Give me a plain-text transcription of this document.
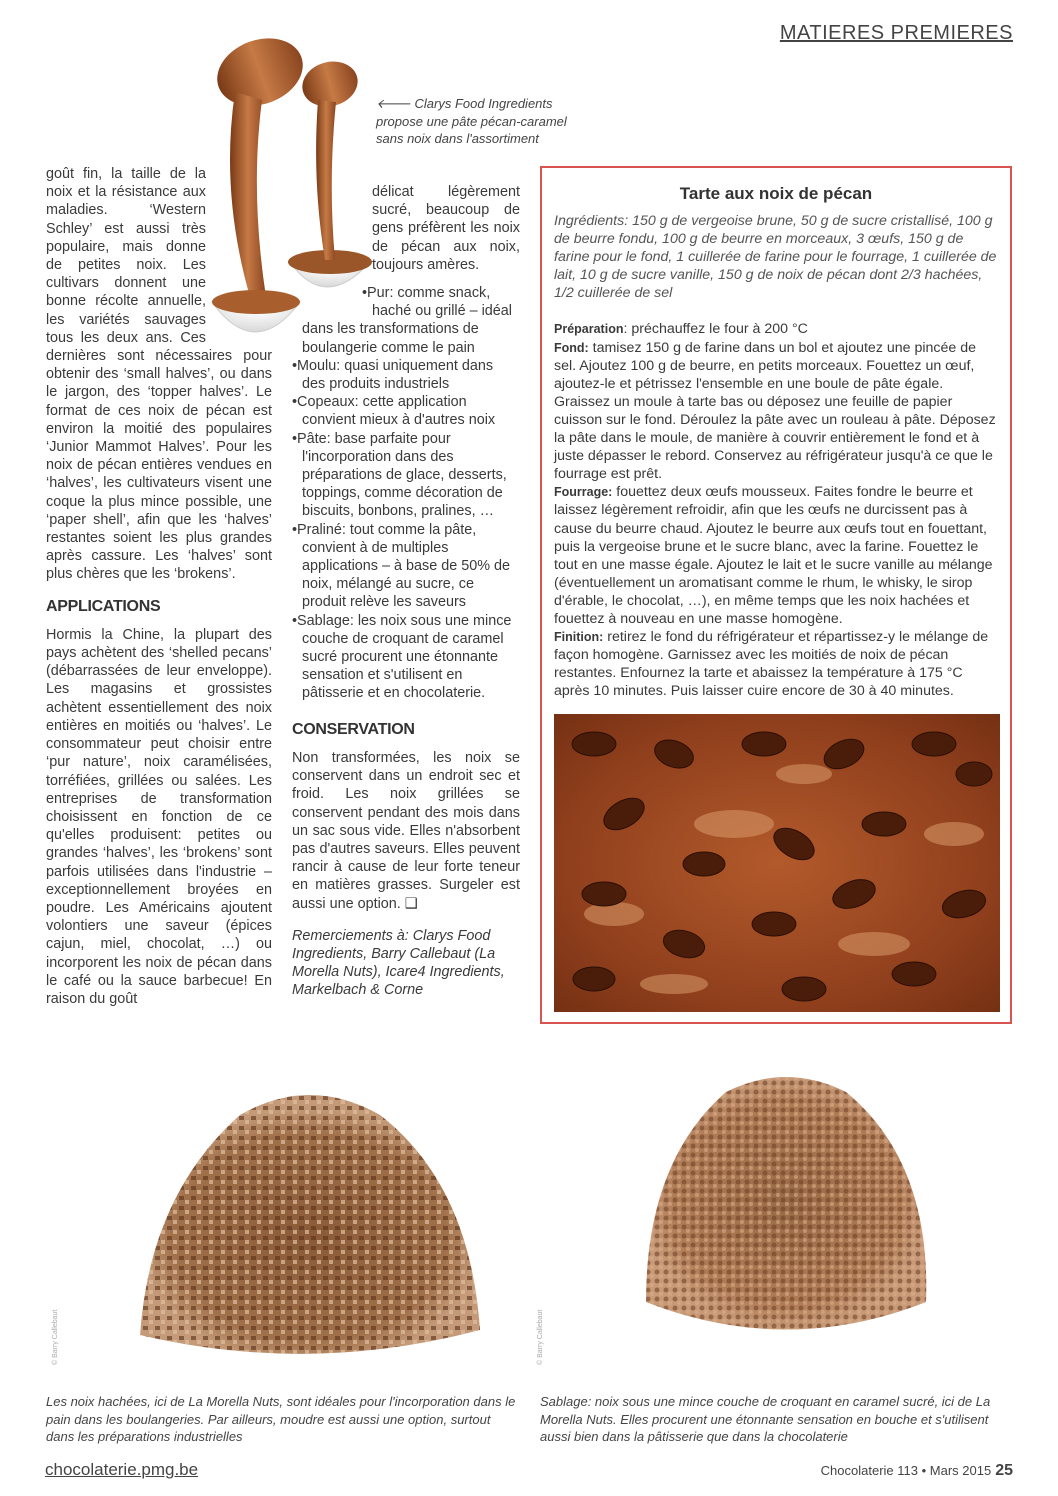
MATIERES PREMIERES
🡐 Clarys Food Ingredients
propose une pâte pécan-caramel
sans noix dans l'assortiment

goût fin, la taille de la noix et la résistance aux maladies. ‘Western Schley’ est aussi très populaire, mais donne de petites noix. Les cultivars donnent une bonne récolte annuelle, les variétés sauvages tous les deux ans. Ces dernières sont nécessaires pour obtenir des ‘small halves’, ou dans le jargon, des ‘topper halves’. Le format de ces noix de pécan est environ la moitié des populaires ‘Junior Mammot Halves’. Pour les noix de pécan entières vendues en ‘halves’, les cultivateurs visent une coque la plus mince possible, une ‘paper shell’, afin que les ‘halves’ restantes soient les plus grandes après cassure. Les ‘halves’ sont plus chères que les ‘brokens’.

APPLICATIONS

Hormis la Chine, la plupart des pays achètent des ‘shelled pecans’ (débarrassées de leur enveloppe). Les magasins et grossistes achètent essentiellement des noix entières en moitiés ou ‘halves’. Le consommateur peut choisir entre ‘pur nature’, noix caramélisées, torréfiées, grillées ou salées. Les entreprises de transformation choisissent en fonction de ce qu'elles produisent: petites ou grandes ‘halves’, les ‘brokens’ sont parfois utilisées dans l'industrie – exceptionnellement broyées en poudre. Les Américains ajoutent volontiers une saveur (épices cajun, miel, chocolat, …) ou incorporent les noix de pécan dans le café ou la sauce barbecue! En raison du goût

délicat légèrement sucré, beaucoup de gens préfèrent les noix de pécan aux noix, toujours amères.

• Pur: comme snack, haché ou grillé – idéal dans les transformations de boulangerie comme le pain
• Moulu: quasi uniquement dans des produits industriels
• Copeaux: cette application convient mieux à d'autres noix
• Pâte: base parfaite pour l'incorporation dans des préparations de glace, desserts, toppings, comme décoration de biscuits, bonbons, pralines, …
• Praliné: tout comme la pâte, convient à de multiples applications – à base de 50% de noix, mélangé au sucre, ce produit relève les saveurs
• Sablage: les noix sous une mince couche de croquant de caramel sucré procurent une étonnante sensation et s'utilisent en pâtisserie et en chocolaterie.
CONSERVATION

Non transformées, les noix se conservent dans un endroit sec et froid. Les noix grillées se conservent pendant des mois dans un sac sous vide. Elles n'absorbent pas d'autres saveurs. Elles peuvent rancir à cause de leur forte teneur en matières grasses. Surgeler est aussi une option. ❑

Remerciements à: Clarys Food Ingredients, Barry Callebaut (La Morella Nuts), Icare4 Ingredients, Markelbach & Corne

Tarte aux noix de pécan

Ingrédients: 150 g de vergeoise brune, 50 g de sucre cristallisé, 100 g de beurre fondu, 100 g de beurre en morceaux, 3 œufs, 150 g de farine pour le fond, 1 cuillerée de farine pour le fourrage, 1 cuillerée de lait, 10 g de sucre vanille, 150 g de noix de pécan dont 2/3 hachées, 1/2 cuillerée de sel

Préparation: préchauffez le four à 200 °C
Fond: tamisez 150 g de farine dans un bol et ajoutez une pincée de sel. Ajoutez 100 g de beurre, en petits morceaux. Fouettez un œuf, ajoutez-le et pétrissez l'ensemble en une boule de pâte égale. Graissez un moule à tarte bas ou déposez une feuille de papier cuisson sur le fond. Déroulez la pâte avec un rouleau à pâte. Déposez la pâte dans le moule, de manière à couvrir entièrement le fond et à juste dépasser le rebord. Conservez au réfrigérateur jusqu'à ce que le fourrage est prêt.
Fourrage: fouettez deux œufs mousseux. Faites fondre le beurre et laissez légèrement refroidir, afin que les œufs ne durcissent pas à cause du beurre chaud. Ajoutez le beurre aux œufs tout en fouettant, puis la vergeoise brune et le sucre blanc, avec la farine. Fouettez le tout en une masse égale. Ajoutez le lait et le sucre vanille au mélange (éventuellement un aromatisant comme le rhum, le whisky, le sirop d'érable, le chocolat, …), en même temps que les noix hachées et fouettez à nouveau en une masse homogène.
Finition: retirez le fond du réfrigérateur et répartissez-y le mélange de façon homogène. Garnissez avec les moitiés de noix de pécan restantes. Enfournez la tarte et abaissez la température à 175 °C après 10 minutes. Puis laisser cuire encore de 30 à 40 minutes.

© Barry Callebaut	© Barry Callebaut
Les noix hachées, ici de La Morella Nuts, sont idéales pour l'incorporation dans le pain dans les boulangeries. Par ailleurs, moudre est aussi une option, surtout dans les préparations industrielles
Sablage: noix sous une mince couche de croquant en caramel sucré, ici de La Morella Nuts. Elles procurent une étonnante sensation en bouche et s'utilisent aussi bien dans la pâtisserie que dans la chocolaterie
chocolaterie.pmg.be	Chocolaterie 113 • Mars 2015 25
